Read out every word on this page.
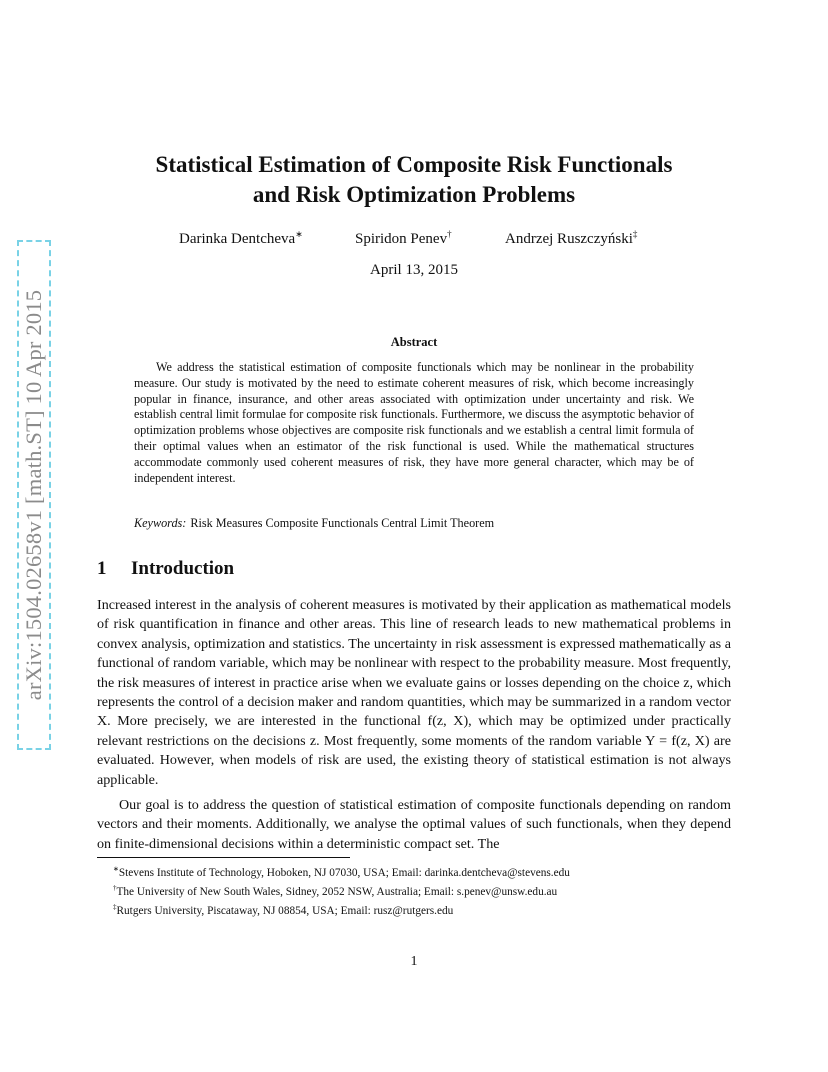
arXiv:1504.02658v1 [math.ST] 10 Apr 2015
Statistical Estimation of Composite Risk Functionals
and Risk Optimization Problems
Darinka Dentcheva∗	Spiridon Penev†	Andrzej Ruszczyński‡
April 13, 2015
Abstract

We address the statistical estimation of composite functionals which may be nonlinear in the probability measure. Our study is motivated by the need to estimate coherent measures of risk, which become increasingly popular in finance, insurance, and other areas associated with optimization under uncertainty and risk. We establish central limit formulae for composite risk functionals. Furthermore, we discuss the asymptotic behavior of optimization problems whose objectives are composite risk functionals and we establish a central limit formula of their optimal values when an estimator of the risk functional is used. While the mathematical structures accommodate commonly used coherent measures of risk, they have more general character, which may be of independent interest.

Keywords: Risk Measures Composite Functionals Central Limit Theorem
1 Introduction

Increased interest in the analysis of coherent measures is motivated by their application as mathematical models of risk quantification in finance and other areas. This line of research leads to new mathematical problems in convex analysis, optimization and statistics. The uncertainty in risk assessment is expressed mathematically as a functional of random variable, which may be nonlinear with respect to the probability measure. Most frequently, the risk measures of interest in practice arise when we evaluate gains or losses depending on the choice z, which represents the control of a decision maker and random quantities, which may be summarized in a random vector X. More precisely, we are interested in the functional f(z, X), which may be optimized under practically relevant restrictions on the decisions z. Most frequently, some moments of the random variable Y = f(z, X) are evaluated. However, when models of risk are used, the existing theory of statistical estimation is not always applicable.

Our goal is to address the question of statistical estimation of composite functionals depending on random vectors and their moments. Additionally, we analyse the optimal values of such functionals, when they depend on finite-dimensional decisions within a deterministic compact set. The

∗Stevens Institute of Technology, Hoboken, NJ 07030, USA; Email: darinka.dentcheva@stevens.edu
†The University of New South Wales, Sidney, 2052 NSW, Australia; Email: s.penev@unsw.edu.au
‡Rutgers University, Piscataway, NJ 08854, USA; Email: rusz@rutgers.edu
1
